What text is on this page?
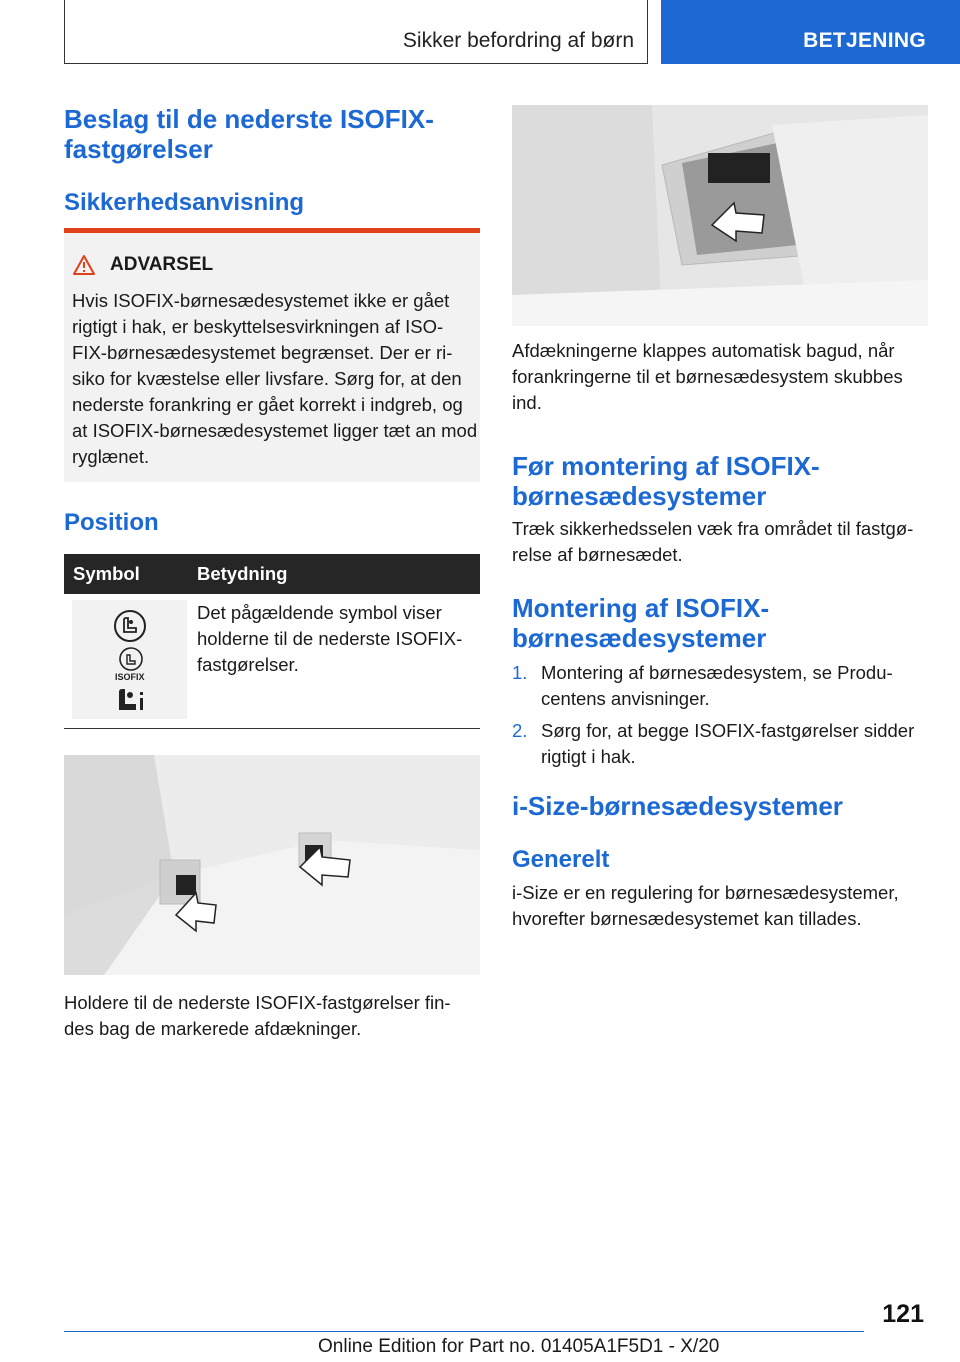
Sikker befordring af børn	BETJENING
Beslag til de nederste ISOFIX-fastgørelser
Sikkerhedsanvisning
ADVARSEL
Hvis ISOFIX-børnesædesystemet ikke er gået rigtigt i hak, er beskyttelsesvirkningen af ISO-FIX-børnesædesystemet begrænset. Der er ri-siko for kvæstelse eller livsfare. Sørg for, at den nederste forankring er gået korrekt i indgreb, og at ISOFIX-børnesædesystemet ligger tæt an mod ryglænet.
Position
Symbol	Betydning
ISOFIX
Det pågældende symbol viser holderne til de nederste ISOFIX-fastgørelser.
Holdere til de nederste ISOFIX-fastgørelser fin-des bag de markerede afdækninger.
Afdækningerne klappes automatisk bagud, når forankringerne til et børnesædesystem skubbes ind.
Før montering af ISOFIX-børnesædesystemer
Træk sikkerhedsselen væk fra området til fastgø-relse af børnesædet.
Montering af ISOFIX-børnesædesystemer
1. Montering af børnesædesystem, se Produ-centens anvisninger.
2. Sørg for, at begge ISOFIX-fastgørelser sidder rigtigt i hak.
i-Size-børnesædesystemer
Generelt
i-Size er en regulering for børnesædesystemer, hvorefter børnesædesystemet kan tillades.
121
Online Edition for Part no. 01405A1F5D1 - X/20
